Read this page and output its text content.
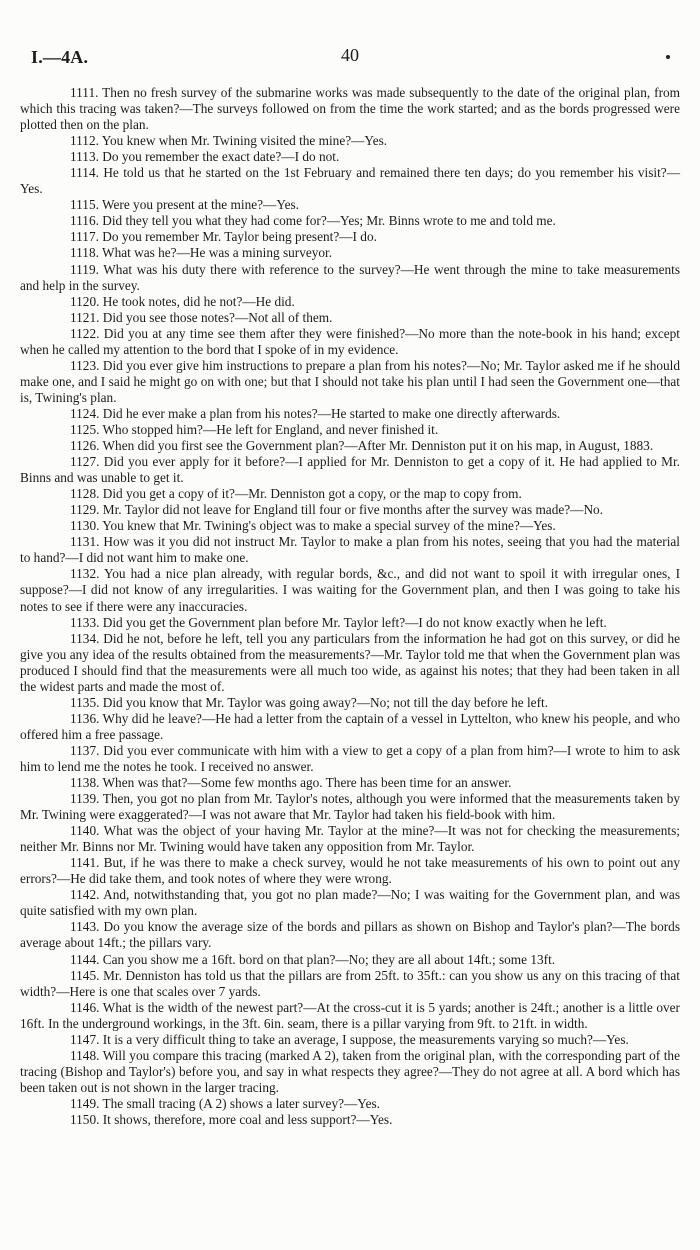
I.—4A.	40

1111. Then no fresh survey of the submarine works was made subsequently to the date of the original plan, from which this tracing was taken?—The surveys followed on from the time the work started; and as the bords progressed were plotted then on the plan.

1112. You knew when Mr. Twining visited the mine?—Yes.

1113. Do you remember the exact date?—I do not.

1114. He told us that he started on the 1st February and remained there ten days; do you remember his visit?—Yes.

1115. Were you present at the mine?—Yes.

1116. Did they tell you what they had come for?—Yes; Mr. Binns wrote to me and told me.

1117. Do you remember Mr. Taylor being present?—I do.

1118. What was he?—He was a mining surveyor.

1119. What was his duty there with reference to the survey?—He went through the mine to take measurements and help in the survey.

1120. He took notes, did he not?—He did.

1121. Did you see those notes?—Not all of them.

1122. Did you at any time see them after they were finished?—No more than the note-book in his hand; except when he called my attention to the bord that I spoke of in my evidence.

1123. Did you ever give him instructions to prepare a plan from his notes?—No; Mr. Taylor asked me if he should make one, and I said he might go on with one; but that I should not take his plan until I had seen the Government one—that is, Twining's plan.

1124. Did he ever make a plan from his notes?—He started to make one directly afterwards.

1125. Who stopped him?—He left for England, and never finished it.

1126. When did you first see the Government plan?—After Mr. Denniston put it on his map, in August, 1883.

1127. Did you ever apply for it before?—I applied for Mr. Denniston to get a copy of it. He had applied to Mr. Binns and was unable to get it.

1128. Did you get a copy of it?—Mr. Denniston got a copy, or the map to copy from.

1129. Mr. Taylor did not leave for England till four or five months after the survey was made?—No.

1130. You knew that Mr. Twining's object was to make a special survey of the mine?—Yes.

1131. How was it you did not instruct Mr. Taylor to make a plan from his notes, seeing that you had the material to hand?—I did not want him to make one.

1132. You had a nice plan already, with regular bords, &c., and did not want to spoil it with irregular ones, I suppose?—I did not know of any irregularities. I was waiting for the Government plan, and then I was going to take his notes to see if there were any inaccuracies.

1133. Did you get the Government plan before Mr. Taylor left?—I do not know exactly when he left.

1134. Did he not, before he left, tell you any particulars from the information he had got on this survey, or did he give you any idea of the results obtained from the measurements?—Mr. Taylor told me that when the Government plan was produced I should find that the measurements were all much too wide, as against his notes; that they had been taken in all the widest parts and made the most of.

1135. Did you know that Mr. Taylor was going away?—No; not till the day before he left.

1136. Why did he leave?—He had a letter from the captain of a vessel in Lyttelton, who knew his people, and who offered him a free passage.

1137. Did you ever communicate with him with a view to get a copy of a plan from him?—I wrote to him to ask him to lend me the notes he took. I received no answer.

1138. When was that?—Some few months ago. There has been time for an answer.

1139. Then, you got no plan from Mr. Taylor's notes, although you were informed that the measurements taken by Mr. Twining were exaggerated?—I was not aware that Mr. Taylor had taken his field-book with him.

1140. What was the object of your having Mr. Taylor at the mine?—It was not for checking the measurements; neither Mr. Binns nor Mr. Twining would have taken any opposition from Mr. Taylor.

1141. But, if he was there to make a check survey, would he not take measurements of his own to point out any errors?—He did take them, and took notes of where they were wrong.

1142. And, notwithstanding that, you got no plan made?—No; I was waiting for the Government plan, and was quite satisfied with my own plan.

1143. Do you know the average size of the bords and pillars as shown on Bishop and Taylor's plan?—The bords average about 14ft.; the pillars vary.

1144. Can you show me a 16ft. bord on that plan?—No; they are all about 14ft.; some 13ft.

1145. Mr. Denniston has told us that the pillars are from 25ft. to 35ft.: can you show us any on this tracing of that width?—Here is one that scales over 7 yards.

1146. What is the width of the newest part?—At the cross-cut it is 5 yards; another is 24ft.; another is a little over 16ft. In the underground workings, in the 3ft. 6in. seam, there is a pillar varying from 9ft. to 21ft. in width.

1147. It is a very difficult thing to take an average, I suppose, the measurements varying so much?—Yes.

1148. Will you compare this tracing (marked A 2), taken from the original plan, with the corresponding part of the tracing (Bishop and Taylor's) before you, and say in what respects they agree?—They do not agree at all. A bord which has been taken out is not shown in the larger tracing.

1149. The small tracing (A 2) shows a later survey?—Yes.

1150. It shows, therefore, more coal and less support?—Yes.
